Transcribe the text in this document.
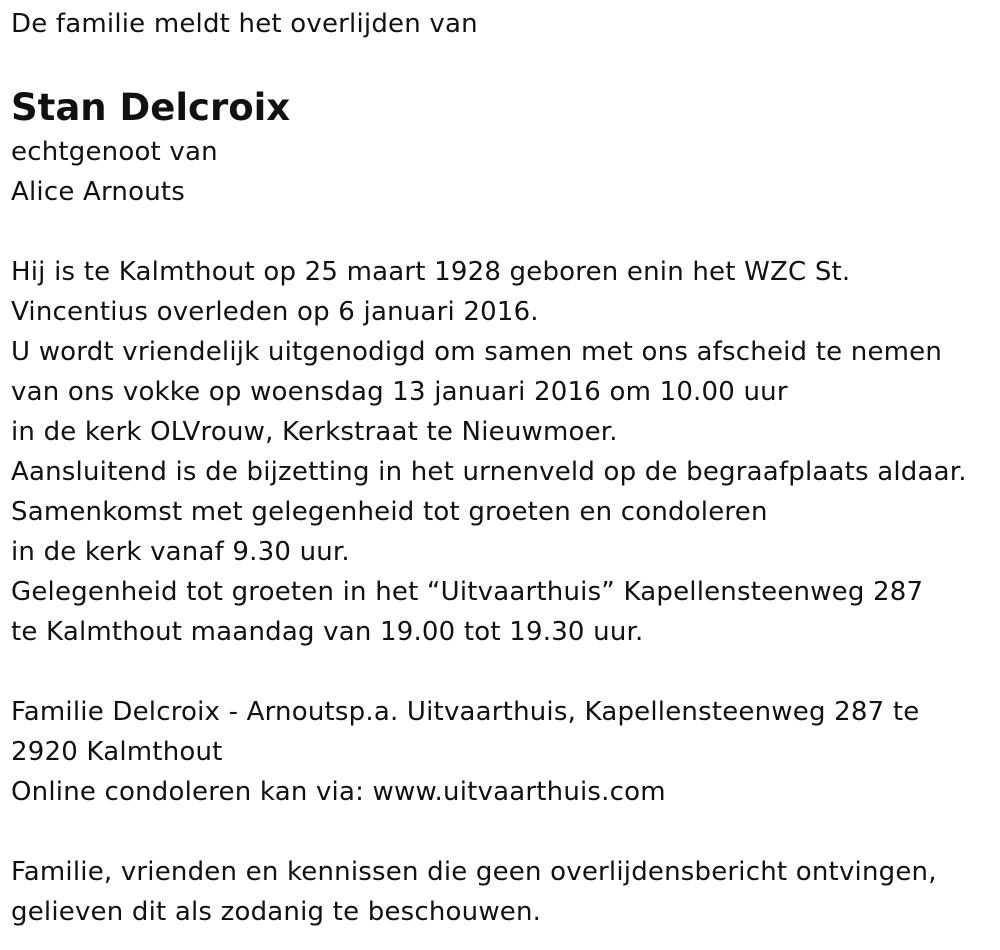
De familie meldt het overlijden van
Stan Delcroix
echtgenoot van
Alice Arnouts
Hij is te Kalmthout op 25 maart 1928 geboren enin het WZC St.
Vincentius overleden op 6 januari 2016.
U wordt vriendelijk uitgenodigd om samen met ons afscheid te nemen
van ons vokke op woensdag 13 januari 2016 om 10.00 uur
in de kerk OLVrouw, Kerkstraat te Nieuwmoer.
Aansluitend is de bijzetting in het urnenveld op de begraafplaats aldaar.
Samenkomst met gelegenheid tot groeten en condoleren
in de kerk vanaf 9.30 uur.
Gelegenheid tot groeten in het “Uitvaarthuis” Kapellensteenweg 287
te Kalmthout maandag van 19.00 tot 19.30 uur.
Familie Delcroix - Arnoutsp.a. Uitvaarthuis, Kapellensteenweg 287 te
2920 Kalmthout
Online condoleren kan via: www.uitvaarthuis.com
Familie, vrienden en kennissen die geen overlijdensbericht ontvingen,
gelieven dit als zodanig te beschouwen.
